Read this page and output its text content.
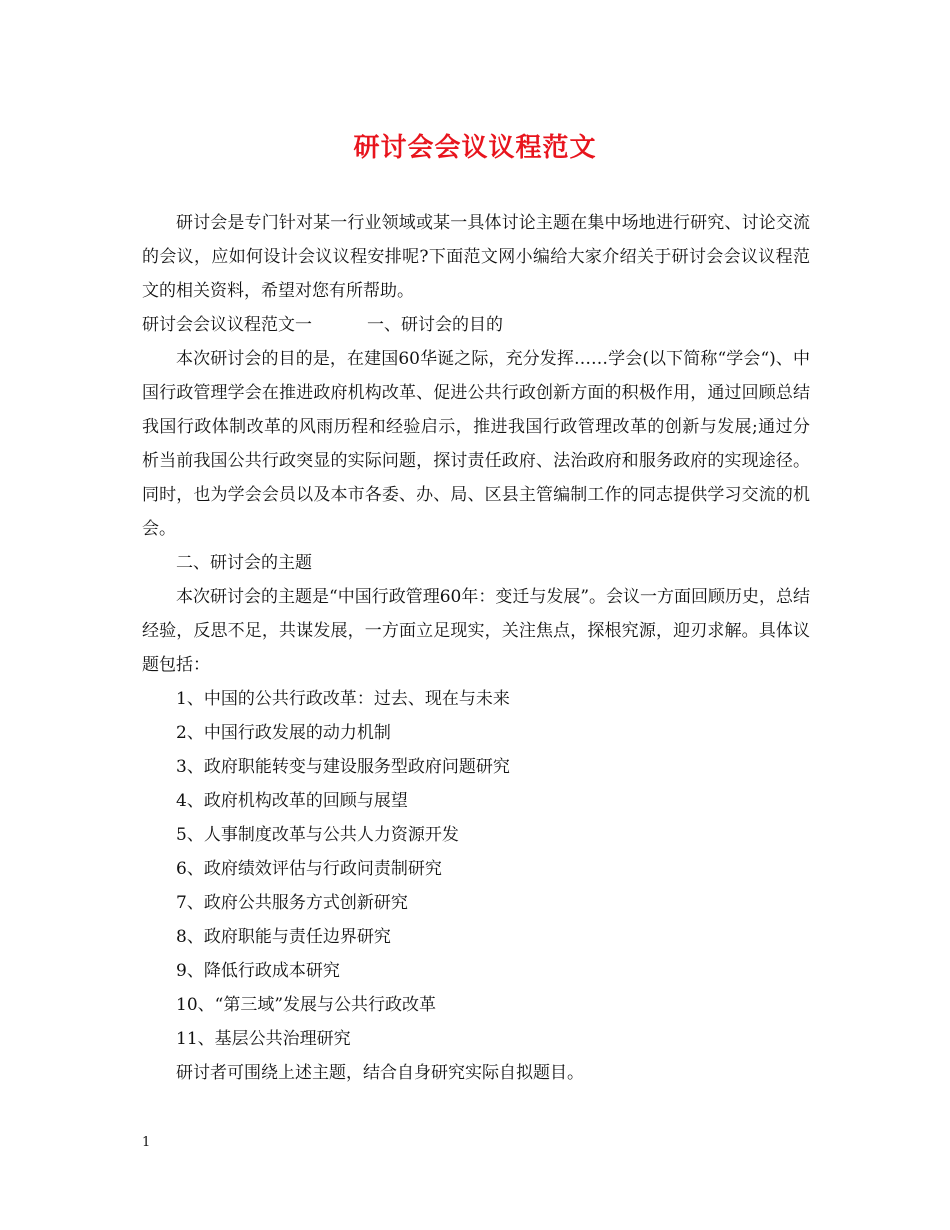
研讨会会议议程范文

研讨会是专门针对某一行业领域或某一具体讨论主题在集中场地进行研究、讨论交流的会议，应如何设计会议议程安排呢?下面范文网小编给大家介绍关于研讨会会议议程范文的相关资料，希望对您有所帮助。

研讨会会议议程范文一	一、研讨会的目的

本次研讨会的目的是，在建国60华诞之际，充分发挥……学会(以下简称“学会“)、中国行政管理学会在推进政府机构改革、促进公共行政创新方面的积极作用，通过回顾总结我国行政体制改革的风雨历程和经验启示，推进我国行政管理改革的创新与发展;通过分析当前我国公共行政突显的实际问题，探讨责任政府、法治政府和服务政府的实现途径。同时，也为学会会员以及本市各委、办、局、区县主管编制工作的同志提供学习交流的机会。

二、研讨会的主题

本次研讨会的主题是“中国行政管理60年：变迁与发展”。会议一方面回顾历史，总结经验，反思不足，共谋发展，一方面立足现实，关注焦点，探根究源，迎刃求解。具体议题包括：

1、中国的公共行政改革：过去、现在与未来

2、中国行政发展的动力机制

3、政府职能转变与建设服务型政府问题研究

4、政府机构改革的回顾与展望

5、人事制度改革与公共人力资源开发

6、政府绩效评估与行政问责制研究

7、政府公共服务方式创新研究

8、政府职能与责任边界研究

9、降低行政成本研究

10、“第三域”发展与公共行政改革

11、基层公共治理研究

研讨者可围绕上述主题，结合自身研究实际自拟题目。

1
